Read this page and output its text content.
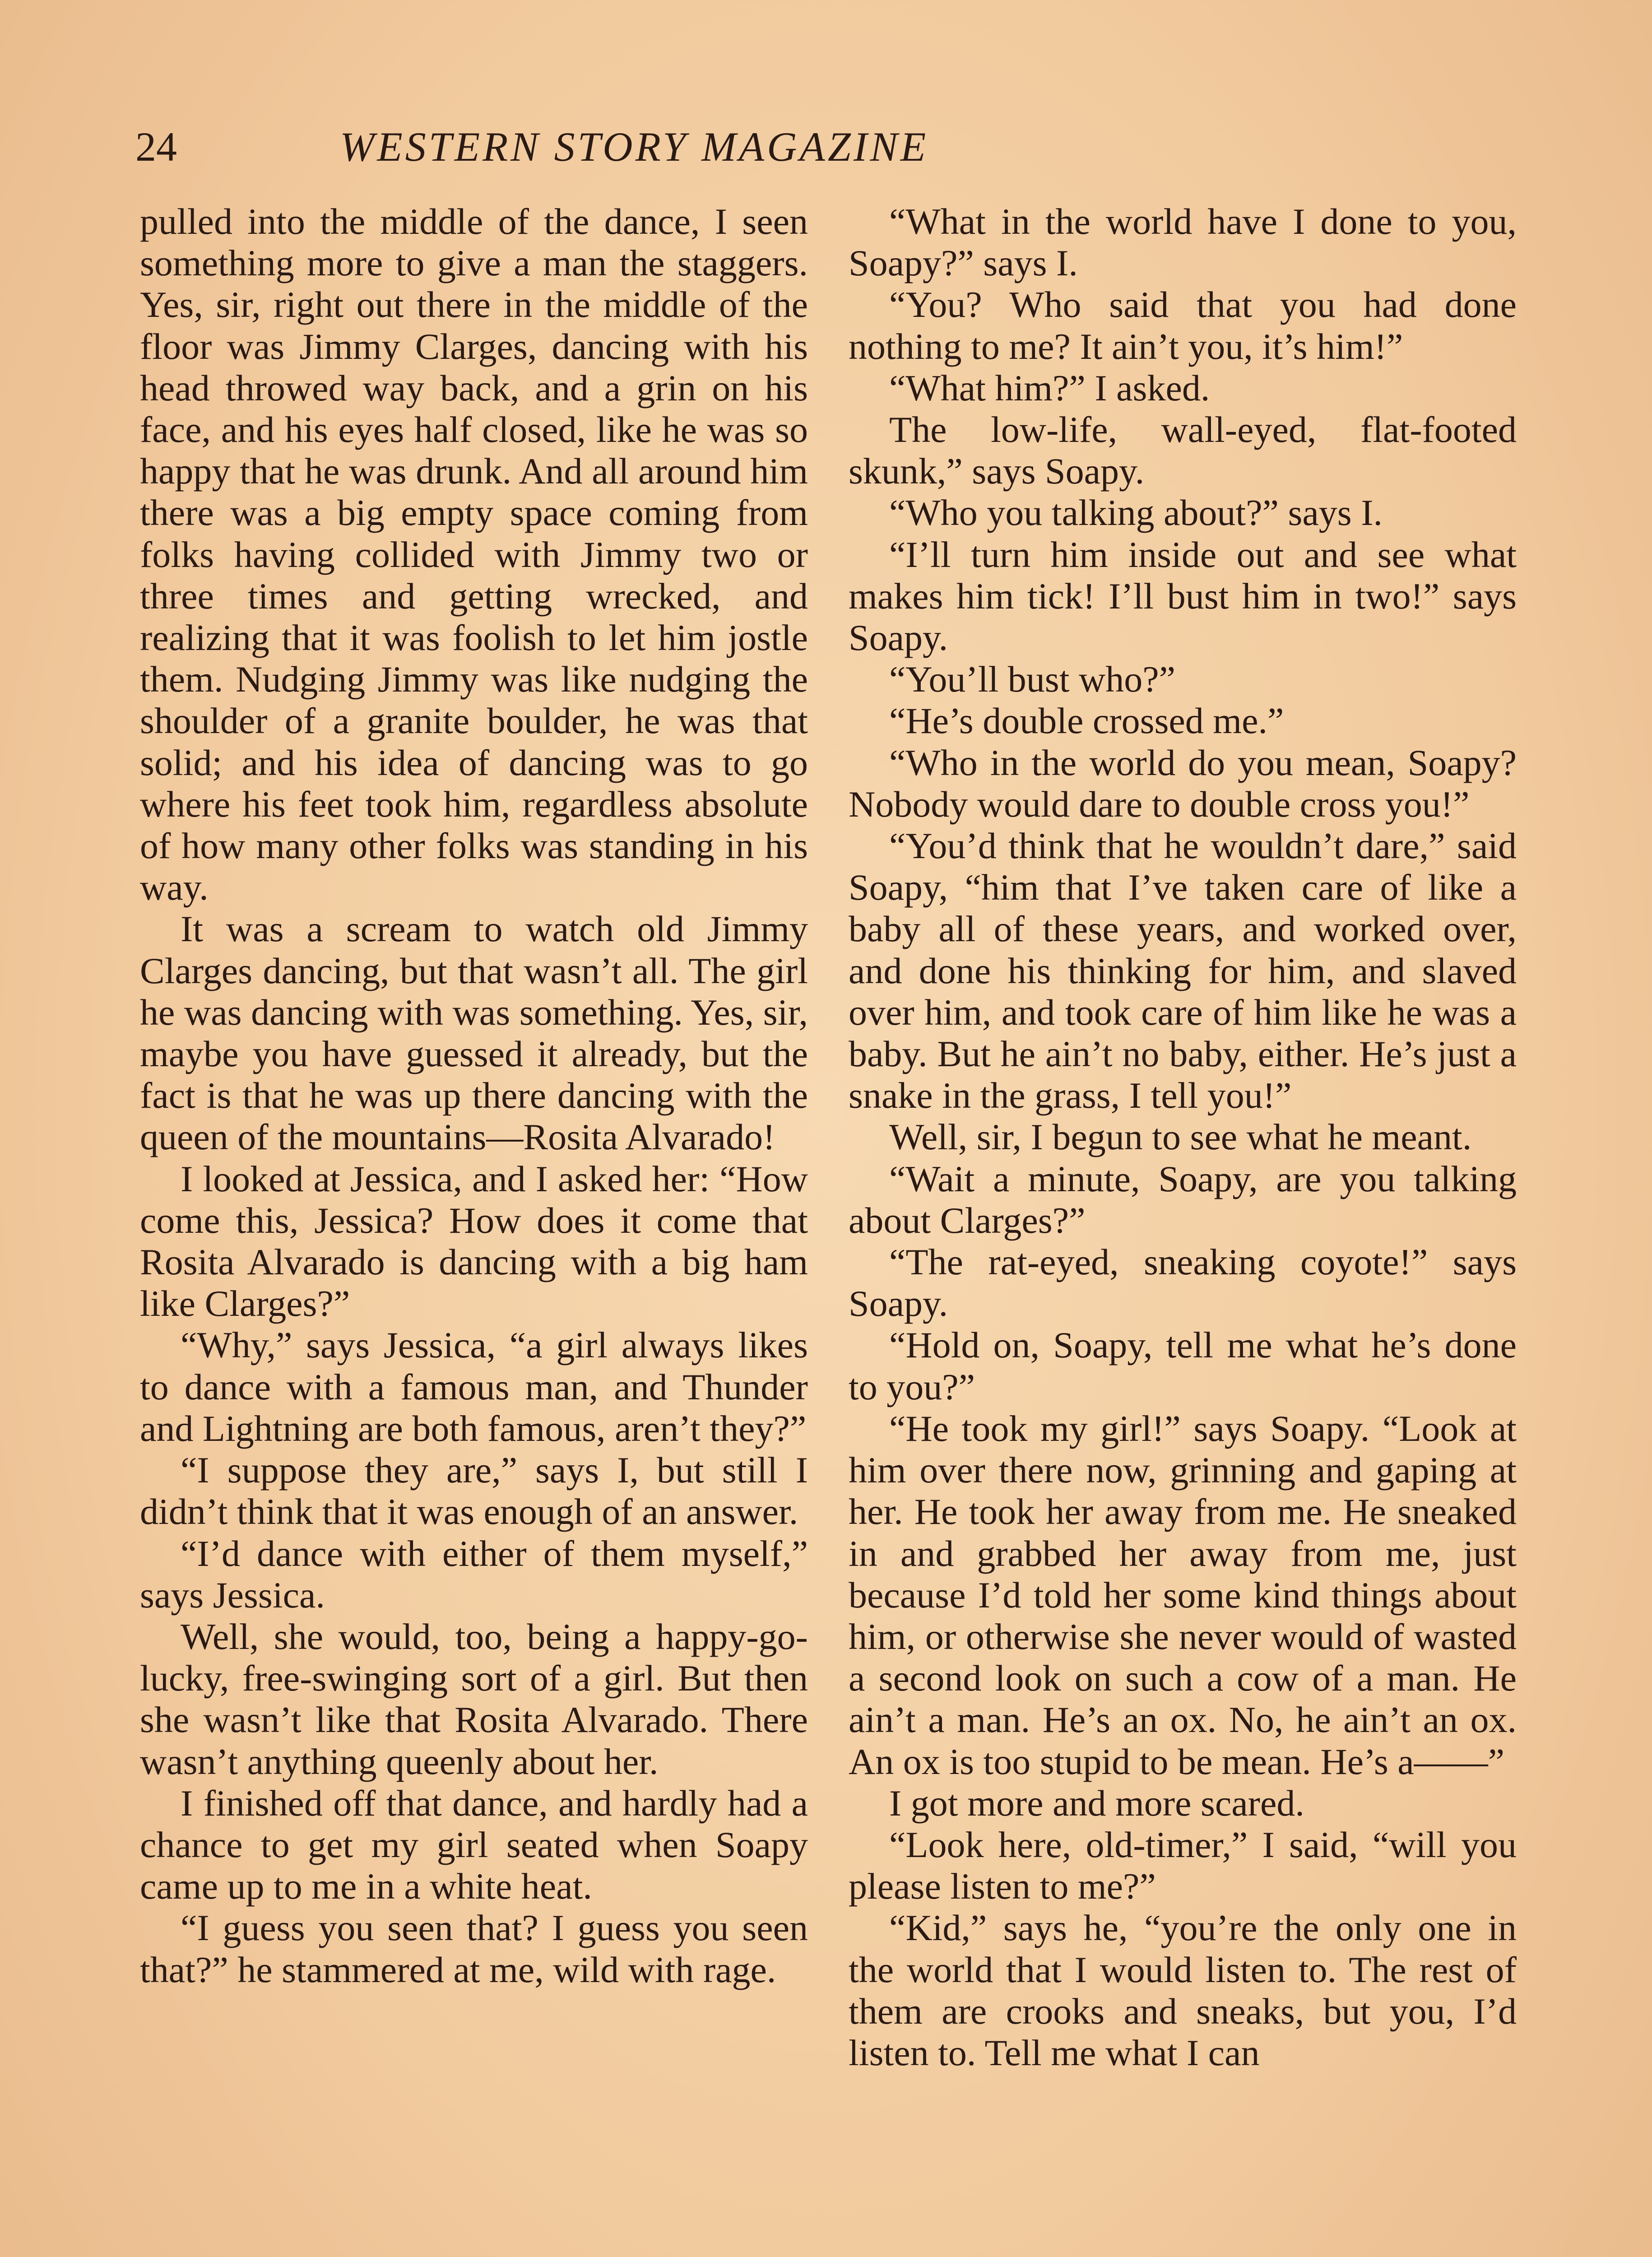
24	WESTERN STORY MAGAZINE

pulled into the middle of the dance, I seen something more to give a man the staggers. Yes, sir, right out there in the middle of the floor was Jimmy Clarges, dancing with his head throwed way back, and a grin on his face, and his eyes half closed, like he was so happy that he was drunk. And all around him there was a big empty space coming from folks having collided with Jimmy two or three times and getting wrecked, and realizing that it was foolish to let him jostle them. Nudging Jimmy was like nudging the shoulder of a granite boulder, he was that solid; and his idea of dancing was to go where his feet took him, regardless absolute of how many other folks was standing in his way.

It was a scream to watch old Jimmy Clarges dancing, but that wasn’t all. The girl he was dancing with was something. Yes, sir, maybe you have guessed it already, but the fact is that he was up there dancing with the queen of the mountains—Rosita Alvarado!

I looked at Jessica, and I asked her: “How come this, Jessica? How does it come that Rosita Alvarado is dancing with a big ham like Clarges?”

“Why,” says Jessica, “a girl always likes to dance with a famous man, and Thunder and Lightning are both famous, aren’t they?”

“I suppose they are,” says I, but still I didn’t think that it was enough of an answer.

“I’d dance with either of them myself,” says Jessica.

Well, she would, too, being a happy-go-lucky, free-swinging sort of a girl. But then she wasn’t like that Rosita Alvarado. There wasn’t anything queenly about her.

I finished off that dance, and hardly had a chance to get my girl seated when Soapy came up to me in a white heat.

“I guess you seen that? I guess you seen that?” he stammered at me, wild with rage.

“What in the world have I done to you, Soapy?” says I.

“You? Who said that you had done nothing to me? It ain’t you, it’s him!”

“What him?” I asked.

The low-life, wall-eyed, flat-footed skunk,” says Soapy.

“Who you talking about?” says I.

“I’ll turn him inside out and see what makes him tick! I’ll bust him in two!” says Soapy.

“You’ll bust who?”

“He’s double crossed me.”

“Who in the world do you mean, Soapy? Nobody would dare to double cross you!”

“You’d think that he wouldn’t dare,” said Soapy, “him that I’ve taken care of like a baby all of these years, and worked over, and done his thinking for him, and slaved over him, and took care of him like he was a baby. But he ain’t no baby, either. He’s just a snake in the grass, I tell you!”

Well, sir, I begun to see what he meant.

“Wait a minute, Soapy, are you talking about Clarges?”

“The rat-eyed, sneaking coyote!” says Soapy.

“Hold on, Soapy, tell me what he’s done to you?”

“He took my girl!” says Soapy. “Look at him over there now, grinning and gaping at her. He took her away from me. He sneaked in and grabbed her away from me, just because I’d told her some kind things about him, or otherwise she never would of wasted a second look on such a cow of a man. He ain’t a man. He’s an ox. No, he ain’t an ox. An ox is too stupid to be mean. He’s a——”

I got more and more scared.

“Look here, old-timer,” I said, “will you please listen to me?”

“Kid,” says he, “you’re the only one in the world that I would listen to. The rest of them are crooks and sneaks, but you, I’d listen to. Tell me what I can
